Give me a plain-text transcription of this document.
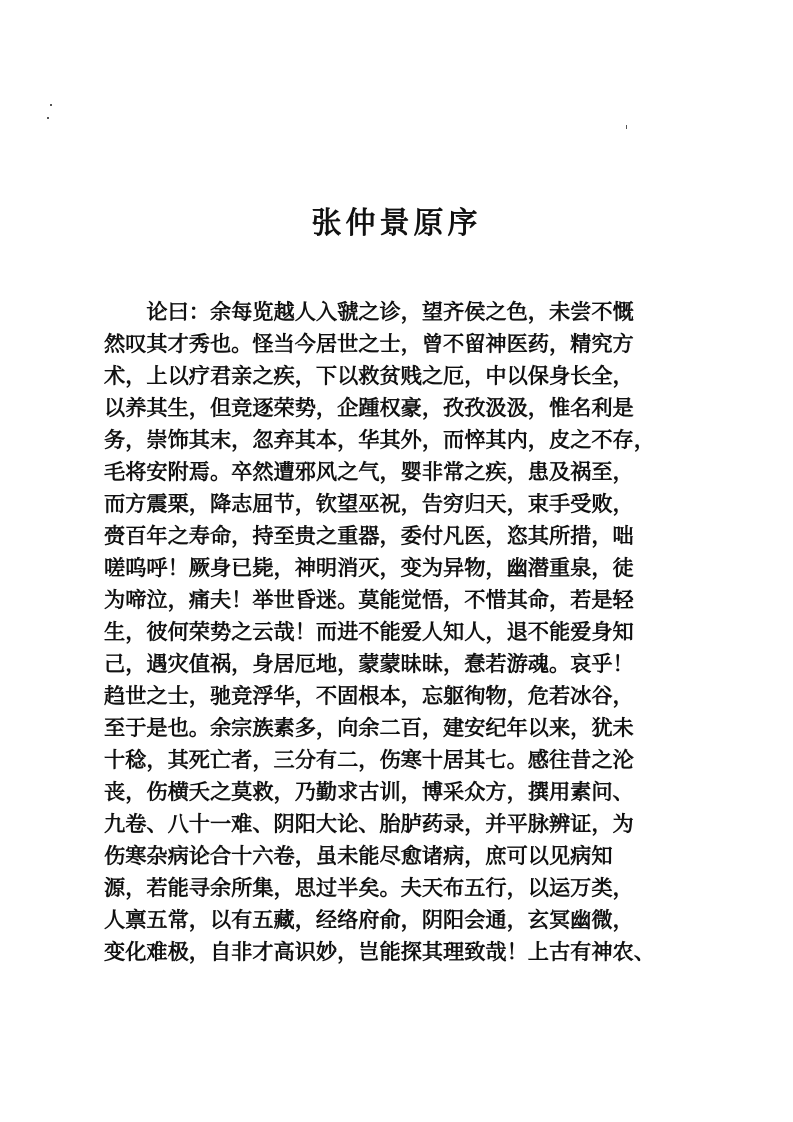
张仲景原序
　　论曰：余每览越人入虢之诊，望齐侯之色，未尝不慨
然叹其才秀也。怪当今居世之士，曾不留神医药，精究方
术，上以疗君亲之疾，下以救贫贱之厄，中以保身长全，
以养其生，但竞逐荣势，企踵权豪，孜孜汲汲，惟名利是
务，崇饰其末，忽弃其本，华其外，而悴其内，皮之不存，
毛将安附焉。卒然遭邪风之气，婴非常之疾，患及祸至，
而方震栗，降志屈节，钦望巫祝，告穷归天，束手受败，
赍百年之寿命，持至贵之重器，委付凡医，恣其所措，咄
嗟呜呼！厥身已毙，神明消灭，变为异物，幽潜重泉，徒
为啼泣，痛夫！举世昏迷。莫能觉悟，不惜其命，若是轻
生，彼何荣势之云哉！而进不能爱人知人，退不能爱身知
己，遇灾值祸，身居厄地，蒙蒙昧昧，惷若游魂。哀乎！
趋世之士，驰竞浮华，不固根本，忘躯徇物，危若冰谷，
至于是也。余宗族素多，向余二百，建安纪年以来，犹未
十稔，其死亡者，三分有二，伤寒十居其七。感往昔之沦
丧，伤横夭之莫救，乃勤求古训，博采众方，撰用素问、
九卷、八十一难、阴阳大论、胎胪药录，并平脉辨证，为
伤寒杂病论合十六卷，虽未能尽愈诸病，庶可以见病知
源，若能寻余所集，思过半矣。夫天布五行，以运万类，
人禀五常，以有五藏，经络府俞，阴阳会通，玄冥幽微，
变化难极，自非才高识妙，岂能探其理致哉！上古有神农、
